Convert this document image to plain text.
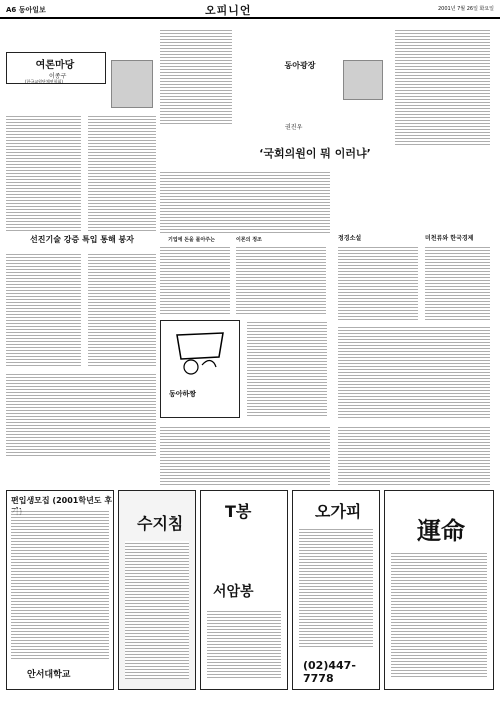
A6 동아일보	오피니언	2001년 7월 26일 화요일
여론마당
이종구
(한국교원단체연합회)
선진기술 강증 특입 통해 붕자
동아광장
권진우
‘국회의원이 뭐 이러냐’
기업에 돈을 몰아주는	이론의 정조
동아하짱
정경소설	미천류와 한국경제
편입생모집 (2001학년도 후
안서대학교
수지침
T봉
서암봉
오가피
(02)447-7778
運命
